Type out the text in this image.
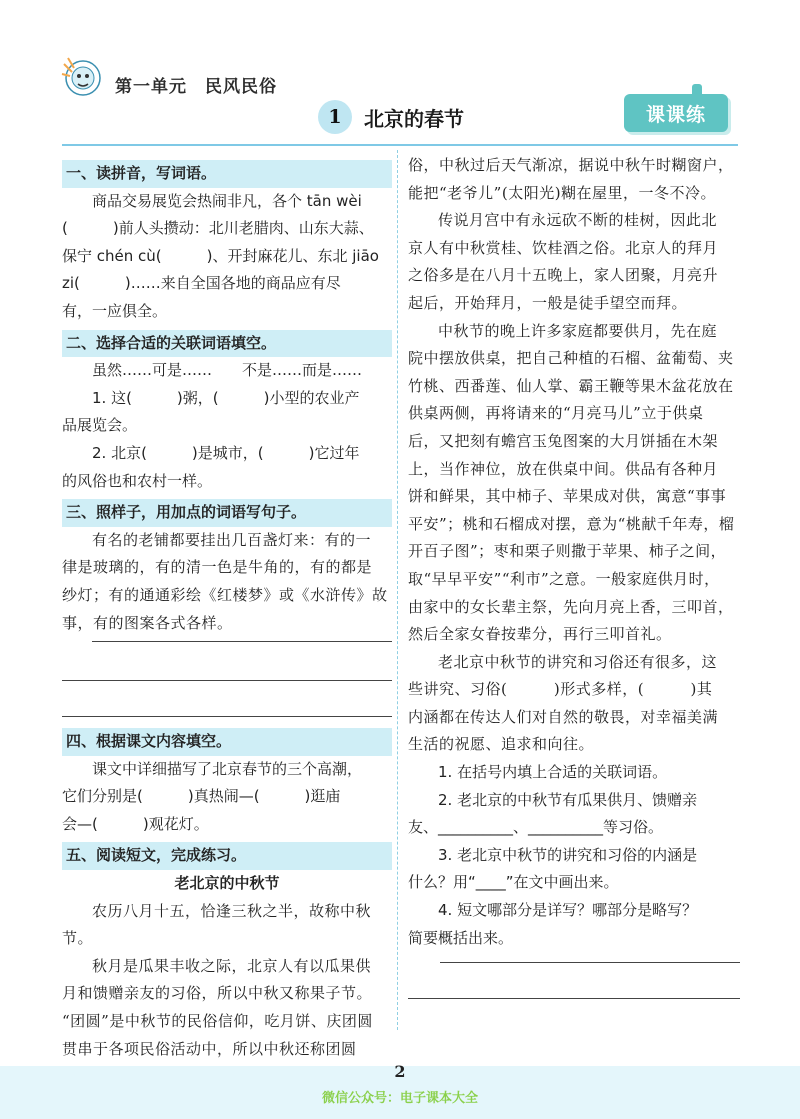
第一单元　民风民俗
1	北京的春节	课课练

一、读拼音，写词语。

商品交易展览会热闹非凡，各个 tān wèi

(　　　)前人头攒动：北川老腊肉、山东大蒜、

保宁 chén cù(　　　)、开封麻花儿、东北 jiāo

zi(　　　)……来自全国各地的商品应有尽

有，一应俱全。

二、选择合适的关联词语填空。

虽然……可是……　　不是……而是……

1. 这(　　　)粥，(　　　)小型的农业产

品展览会。

2. 北京(　　　)是城市，(　　　)它过年

的风俗也和农村一样。

三、照样子，用加点的词语写句子。

有名的老铺都要挂出几百盏灯来：有的一

律是玻璃的，有的清一色是牛角的，有的都是

纱灯；有的通通彩绘《红楼梦》或《水浒传》故

事，有的图案各式各样。

四、根据课文内容填空。

课文中详细描写了北京春节的三个高潮，

它们分别是(　　　)真热闹—(　　　)逛庙

会—(　　　)观花灯。

五、阅读短文，完成练习。

老北京的中秋节

农历八月十五，恰逢三秋之半，故称中秋节。

秋月是瓜果丰收之际，北京人有以瓜果供

月和馈赠亲友的习俗，所以中秋又称果子节。

“团圆”是中秋节的民俗信仰，吃月饼、庆团圆

贯串于各项民俗活动中，所以中秋还称团圆

俗，中秋过后天气渐凉，据说中秋午时糊窗户，

能把“老爷儿”(太阳光)糊在屋里，一冬不冷。

传说月宫中有永远砍不断的桂树，因此北

京人有中秋赏桂、饮桂酒之俗。北京人的拜月

之俗多是在八月十五晚上，家人团聚，月亮升

起后，开始拜月，一般是徒手望空而拜。

中秋节的晚上许多家庭都要供月，先在庭

院中摆放供桌，把自己种植的石榴、盆葡萄、夹

竹桃、西番莲、仙人掌、霸王鞭等果木盆花放在

供桌两侧，再将请来的“月亮马儿”立于供桌

后，又把刻有蟾宫玉兔图案的大月饼插在木架

上，当作神位，放在供桌中间。供品有各种月

饼和鲜果，其中柿子、苹果成对供，寓意“事事

平安”；桃和石榴成对摆，意为“桃献千年寿，榴

开百子图”；枣和栗子则撒于苹果、柿子之间，

取“早早平安”“利市”之意。一般家庭供月时，

由家中的女长辈主祭，先向月亮上香，三叩首，

然后全家女眷按辈分，再行三叩首礼。

老北京中秋节的讲究和习俗还有很多，这

些讲究、习俗(　　　)形式多样，(　　　)其

内涵都在传达人们对自然的敬畏，对幸福美满

生活的祝愿、追求和向往。

1. 在括号内填上合适的关联词语。

2. 老北京的中秋节有瓜果供月、馈赠亲

友、__________、__________等习俗。

3. 老北京中秋节的讲究和习俗的内涵是

什么？用“____”在文中画出来。

4. 短文哪部分是详写？哪部分是略写？

简要概括出来。

2
微信公众号：电子课本大全
